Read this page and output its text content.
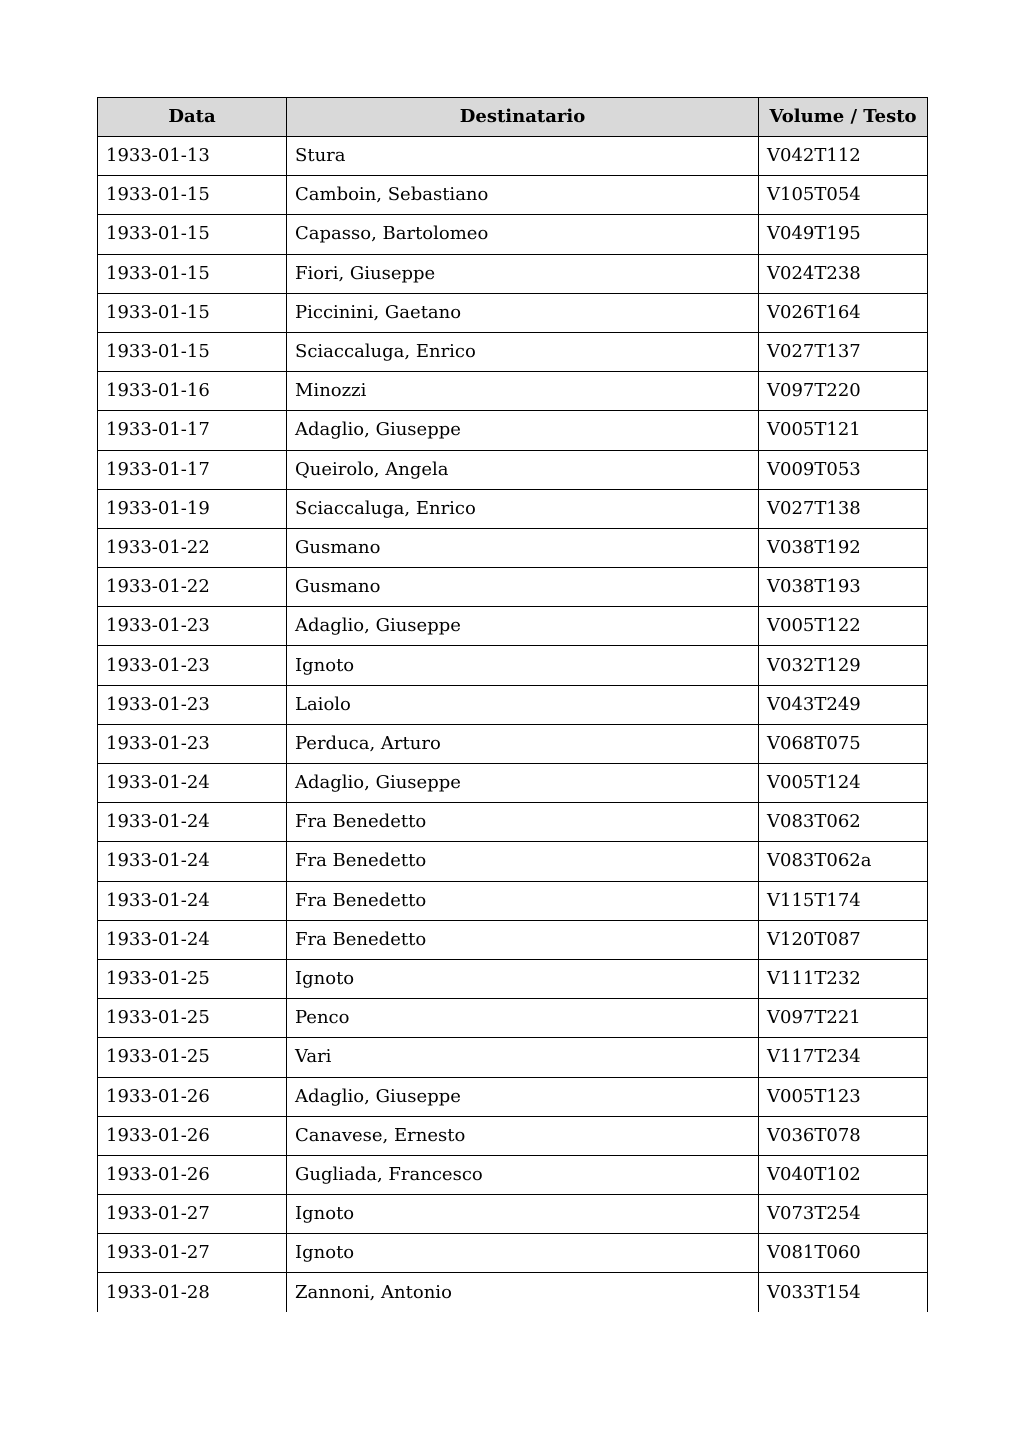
Data	Destinatario	Volume / Testo
1933-01-13	Stura	V042T112
1933-01-15	Camboin, Sebastiano	V105T054
1933-01-15	Capasso, Bartolomeo	V049T195
1933-01-15	Fiori, Giuseppe	V024T238
1933-01-15	Piccinini, Gaetano	V026T164
1933-01-15	Sciaccaluga, Enrico	V027T137
1933-01-16	Minozzi	V097T220
1933-01-17	Adaglio, Giuseppe	V005T121
1933-01-17	Queirolo, Angela	V009T053
1933-01-19	Sciaccaluga, Enrico	V027T138
1933-01-22	Gusmano	V038T192
1933-01-22	Gusmano	V038T193
1933-01-23	Adaglio, Giuseppe	V005T122
1933-01-23	Ignoto	V032T129
1933-01-23	Laiolo	V043T249
1933-01-23	Perduca, Arturo	V068T075
1933-01-24	Adaglio, Giuseppe	V005T124
1933-01-24	Fra Benedetto	V083T062
1933-01-24	Fra Benedetto	V083T062a
1933-01-24	Fra Benedetto	V115T174
1933-01-24	Fra Benedetto	V120T087
1933-01-25	Ignoto	V111T232
1933-01-25	Penco	V097T221
1933-01-25	Vari	V117T234
1933-01-26	Adaglio, Giuseppe	V005T123
1933-01-26	Canavese, Ernesto	V036T078
1933-01-26	Gugliada, Francesco	V040T102
1933-01-27	Ignoto	V073T254
1933-01-27	Ignoto	V081T060
1933-01-28	Zannoni, Antonio	V033T154
